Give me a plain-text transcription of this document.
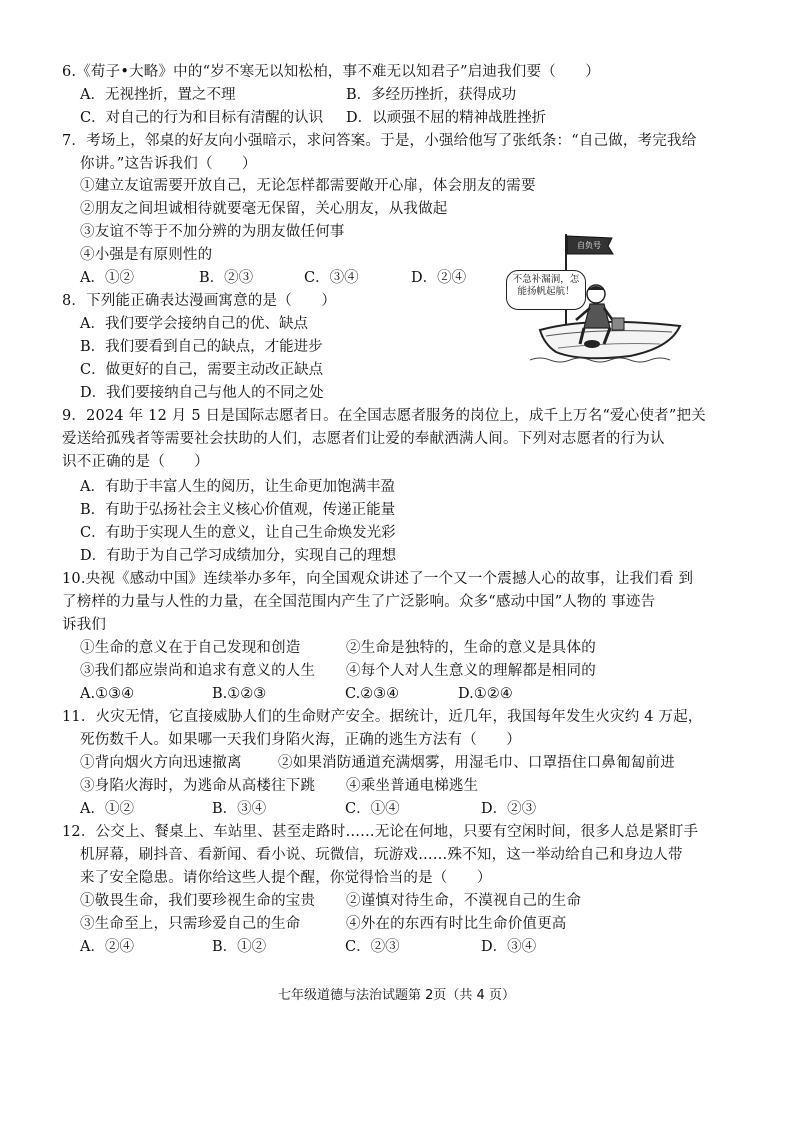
6.《荀子•大略》中的“岁不寒无以知松柏，事不难无以知君子”启迪我们要（　　）
A．无视挫折，置之不理	B．多经历挫折，获得成功
C．对自己的行为和目标有清醒的认识 D．以顽强不屈的精神战胜挫折
7．考场上，邻桌的好友向小强暗示，求问答案。于是，小强给他写了张纸条：“自己做，考完我给
你讲。”这告诉我们（　　）
①建立友谊需要开放自己，无论怎样都需要敞开心扉，体会朋友的需要
②朋友之间坦诚相待就要毫无保留，关心朋友，从我做起
③友谊不等于不加分辨的为朋友做任何事
④小强是有原则性的
A．①②	B．②③	C．③④	D．②④
8．下列能正确表达漫画寓意的是（　　）
A．我们要学会接纳自己的优、缺点
B．我们要看到自己的缺点，才能进步
C．做更好的自己，需要主动改正缺点
D．我们要接纳自己与他人的不同之处
自负号
不急补漏洞，怎能扬帆起航！
9．2024 年 12 月 5 日是国际志愿者日。在全国志愿者服务的岗位上，成千上万名“爱心使者”把关
爱送给孤残者等需要社会扶助的人们，志愿者们让爱的奉献洒满人间。下列对志愿者的行为认
识不正确的是（　　）
A．有助于丰富人生的阅历，让生命更加饱满丰盈
B．有助于弘扬社会主义核心价值观，传递正能量
C．有助于实现人生的意义，让自己生命焕发光彩
D．有助于为自己学习成绩加分，实现自己的理想
10.央视《感动中国》连续举办多年，向全国观众讲述了一个又一个震撼人心的故事，让我们看 到
了榜样的力量与人性的力量，在全国范围内产生了广泛影响。众多“感动中国”人物的 事迹告
诉我们
①生命的意义在于自己发现和创造	②生命是独特的，生命的意义是具体的
③我们都应崇尚和追求有意义的人生 ④每个人对人生意义的理解都是相同的
A.①③④	B.①②③	C.②③④	D.①②④
11．火灾无情，它直接威胁人们的生命财产安全。据统计，近几年，我国每年发生火灾约 4 万起，
死伤数千人。如果哪一天我们身陷火海，正确的逃生方法有（　　）
①背向烟火方向迅速撤离	②如果消防通道充满烟雾，用湿毛巾、口罩捂住口鼻匍匐前进
③身陷火海时，为逃命从高楼往下跳 ④乘坐普通电梯逃生
A．①②	B．③④	C．①④	D．②③
12．公交上、餐桌上、车站里、甚至走路时……无论在何地，只要有空闲时间，很多人总是紧盯手
机屏幕，刷抖音、看新闻、看小说、玩微信，玩游戏……殊不知，这一举动给自己和身边人带
来了安全隐患。请你给这些人提个醒，你觉得恰当的是（　　）
①敬畏生命，我们要珍视生命的宝贵 ②谨慎对待生命，不漠视自己的生命
③生命至上，只需珍爱自己的生命	④外在的东西有时比生命价值更高
A．②④	B．①②	C．②③	D．③④
七年级道德与法治试题第 2页（共 4 页）
